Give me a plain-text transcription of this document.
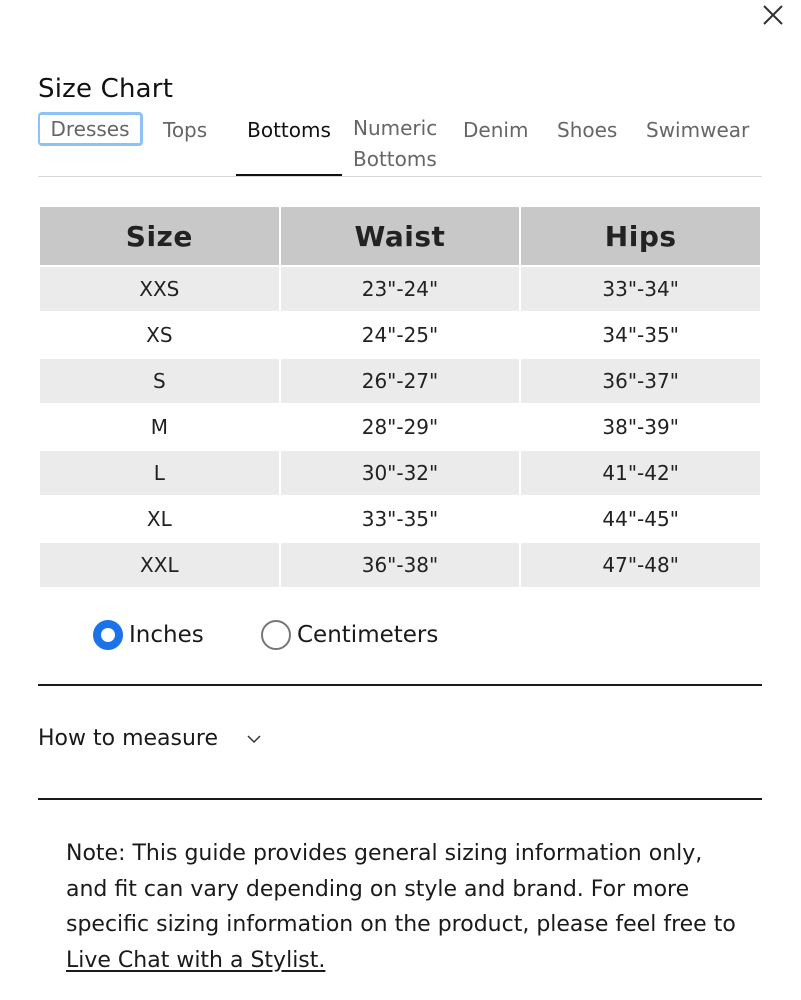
Size Chart
Dresses	Tops	Bottoms	Numeric Bottoms
Denim Shoes Swimwear
Size	Waist	Hips
XXS	23"-24"	33"-34"
XS	24"-25"	34"-35"
S	26"-27"	36"-37"
M	28"-29"	38"-39"
L	30"-32"	41"-42"
XL	33"-35"	44"-45"
XXL	36"-38"	47"-48"
Inches	Centimeters
How to measure
Note: This guide provides general sizing information only, and fit can vary depending on style and brand. For more specific sizing information on the product, please feel free to Live Chat with a Stylist.
